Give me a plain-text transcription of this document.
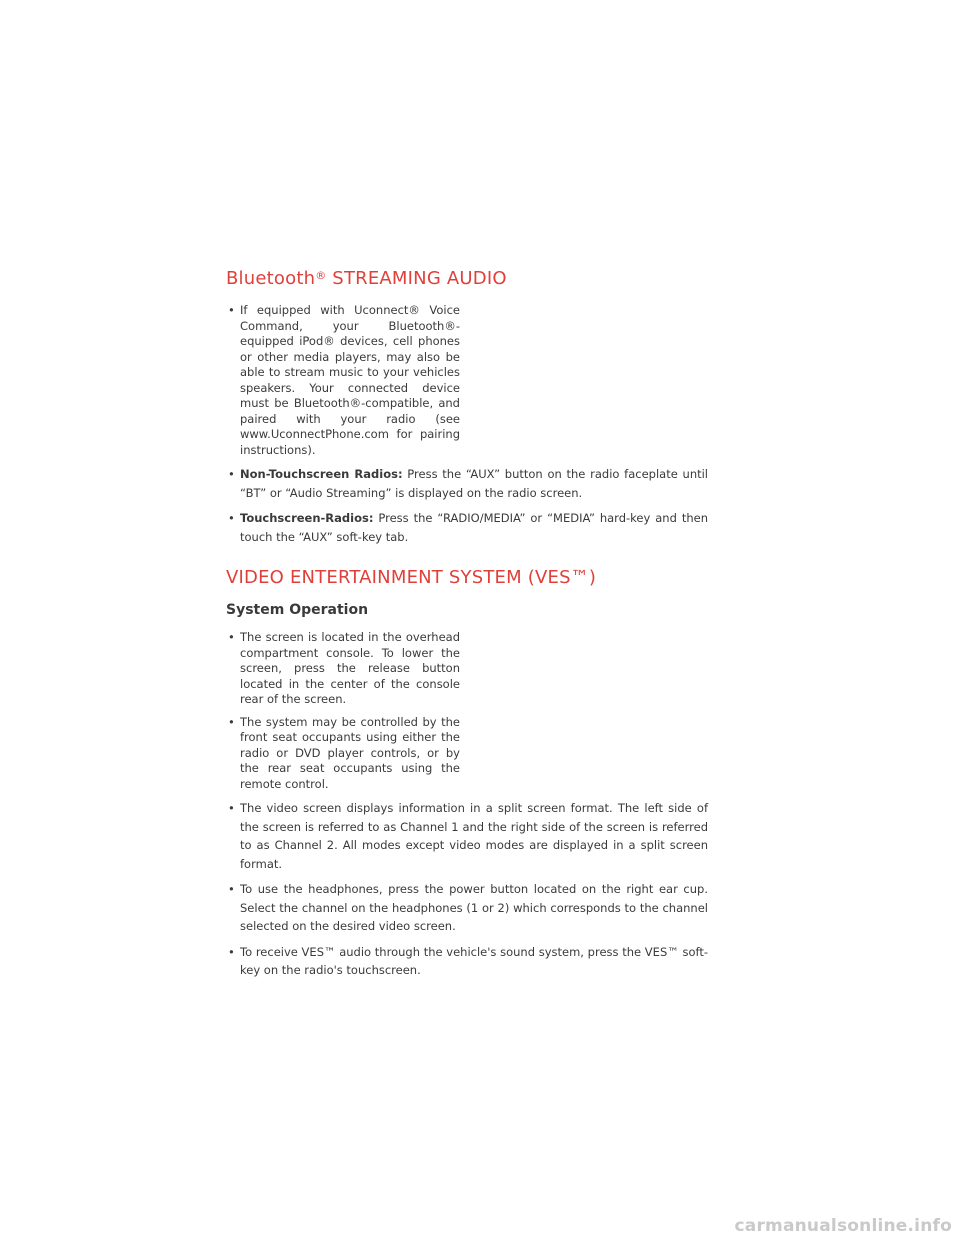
Bluetooth® STREAMING AUDIO
• If equipped with Uconnect® Voice Command, your Bluetooth®-equipped iPod® devices, cell phones or other media players, may also be able to stream music to your vehicles speakers. Your connected device must be Bluetooth®-compatible, and paired with your radio (see www.UconnectPhone.com for pairing instructions).
• Non-Touchscreen Radios: Press the “AUX” button on the radio faceplate until “BT” or “Audio Streaming” is displayed on the radio screen.
• Touchscreen-Radios: Press the “RADIO/MEDIA” or “MEDIA” hard-key and then touch the “AUX” soft-key tab.
VIDEO ENTERTAINMENT SYSTEM (VES™)
System Operation
• The screen is located in the overhead compartment console. To lower the screen, press the release button located in the center of the console rear of the screen.
• The system may be controlled by the front seat occupants using either the radio or DVD player controls, or by the rear seat occupants using the remote control.
• The video screen displays information in a split screen format. The left side of the screen is referred to as Channel 1 and the right side of the screen is referred to as Channel 2. All modes except video modes are displayed in a split screen format.
• To use the headphones, press the power button located on the right ear cup. Select the channel on the headphones (1 or 2) which corresponds to the channel selected on the desired video screen.
• To receive VES™ audio through the vehicle's sound system, press the VES™ soft-key on the radio's touchscreen.
carmanualsonline.info
